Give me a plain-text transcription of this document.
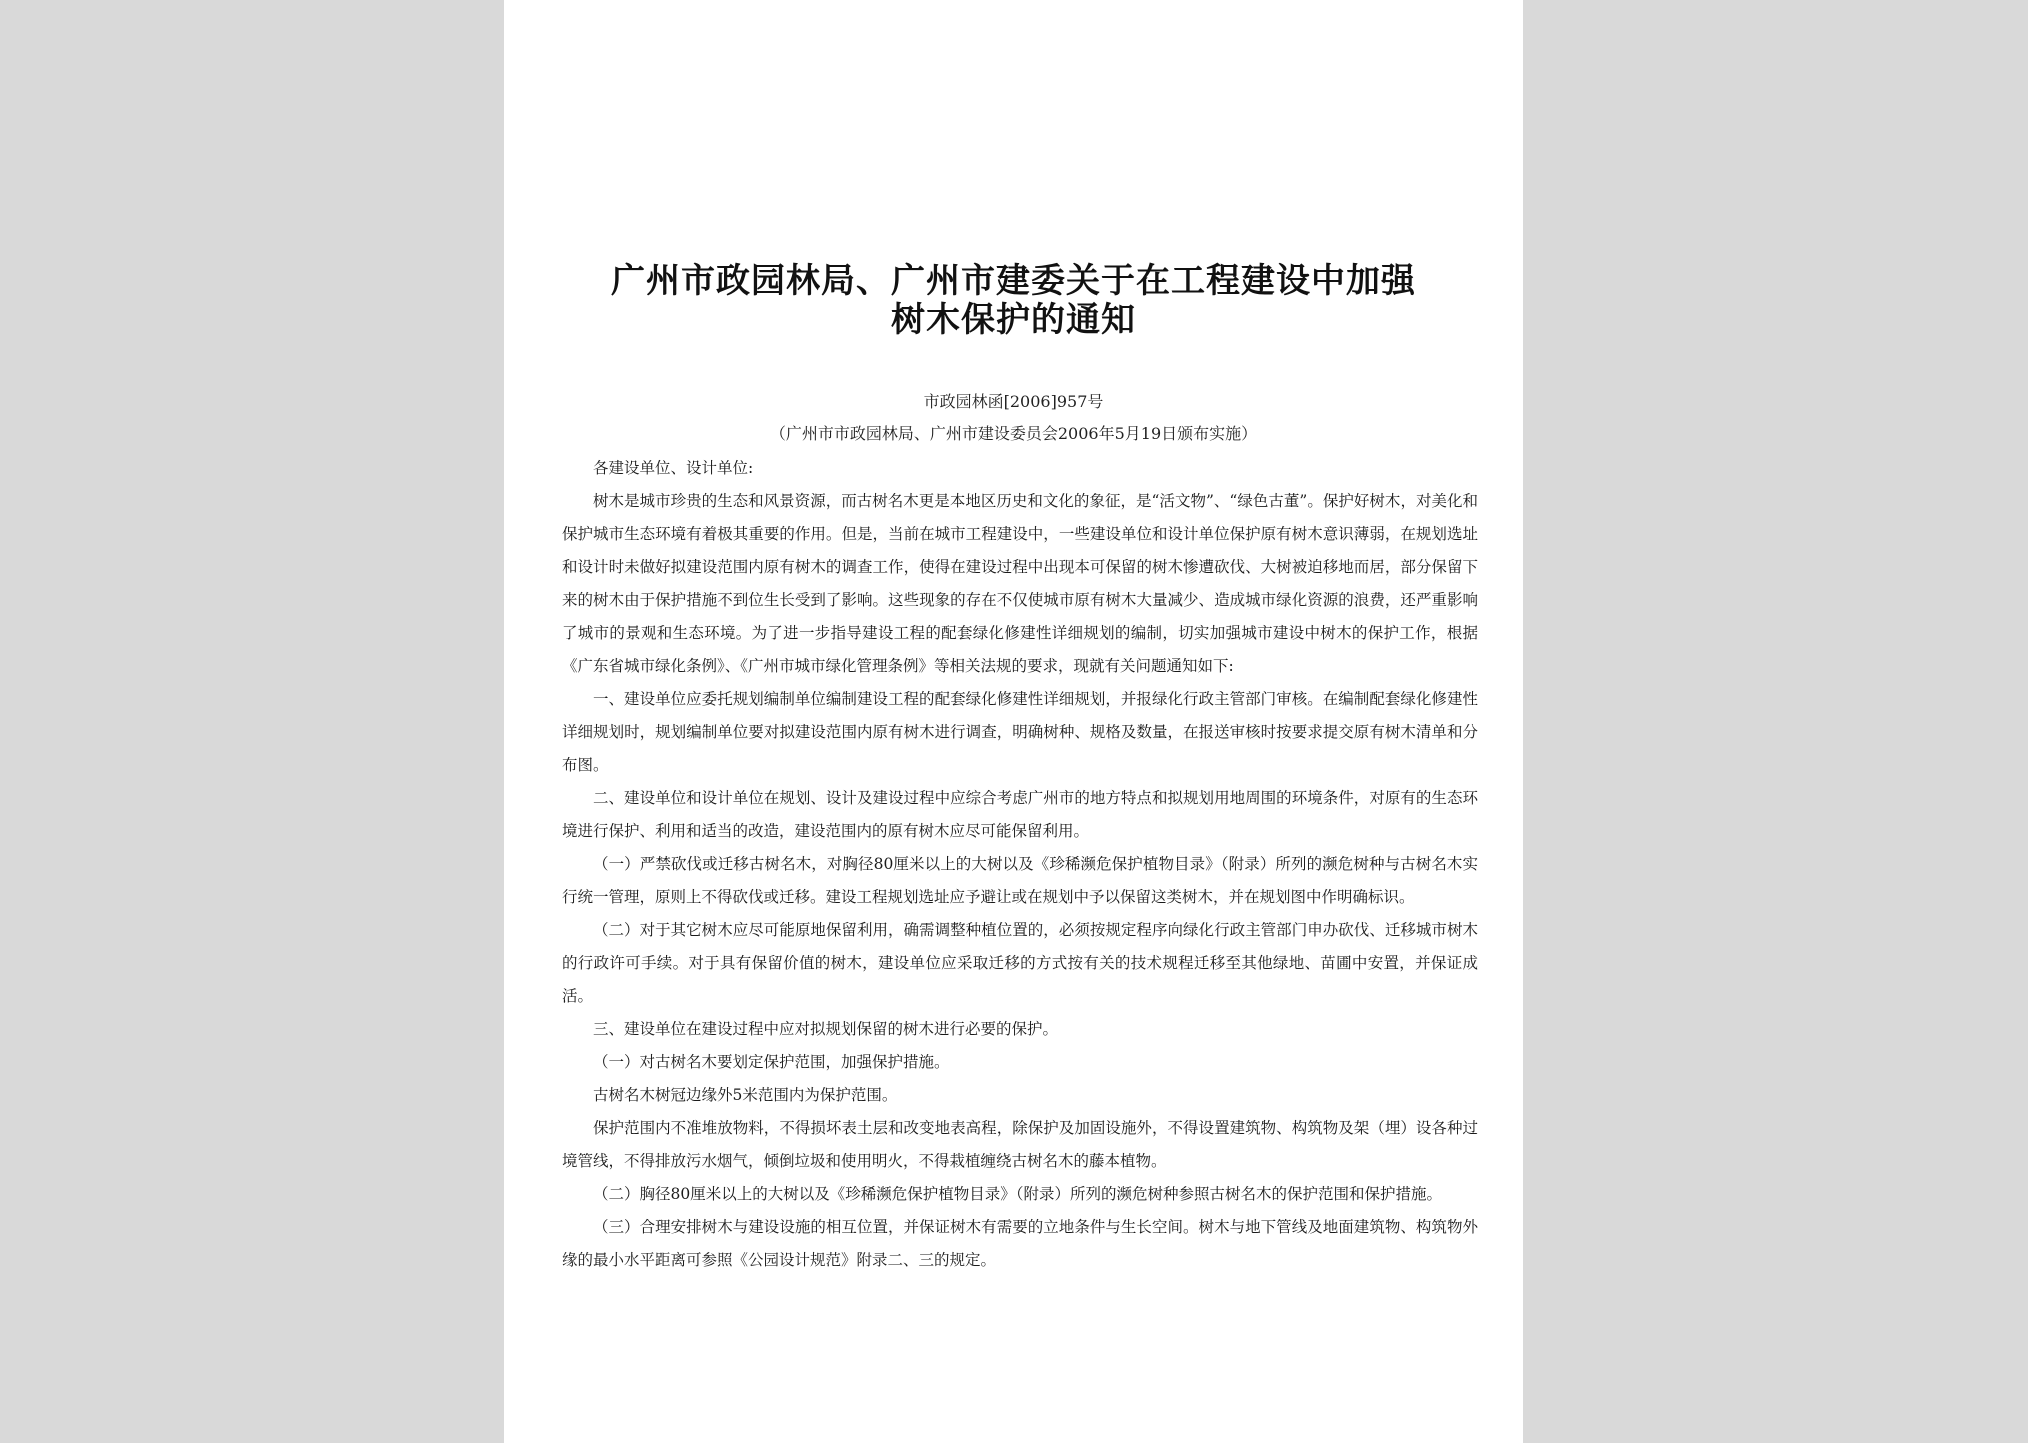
广州市政园林局、广州市建委关于在工程建设中加强
树木保护的通知
市政园林函[2006]957号
（广州市市政园林局、广州市建设委员会2006年5月19日颁布实施）

各建设单位、设计单位:

树木是城市珍贵的生态和风景资源，而古树名木更是本地区历史和文化的象征，是“活文物”、“绿色古董”。保护好树木，对美化和保护城市生态环境有着极其重要的作用。但是，当前在城市工程建设中，一些建设单位和设计单位保护原有树木意识薄弱，在规划选址和设计时未做好拟建设范围内原有树木的调查工作，使得在建设过程中出现本可保留的树木惨遭砍伐、大树被迫移地而居，部分保留下来的树木由于保护措施不到位生长受到了影响。这些现象的存在不仅使城市原有树木大量减少、造成城市绿化资源的浪费，还严重影响了城市的景观和生态环境。为了进一步指导建设工程的配套绿化修建性详细规划的编制，切实加强城市建设中树木的保护工作，根据《广东省城市绿化条例》、《广州市城市绿化管理条例》等相关法规的要求，现就有关问题通知如下:

一、建设单位应委托规划编制单位编制建设工程的配套绿化修建性详细规划，并报绿化行政主管部门审核。在编制配套绿化修建性详细规划时，规划编制单位要对拟建设范围内原有树木进行调查，明确树种、规格及数量，在报送审核时按要求提交原有树木清单和分布图。

二、建设单位和设计单位在规划、设计及建设过程中应综合考虑广州市的地方特点和拟规划用地周围的环境条件，对原有的生态环境进行保护、利用和适当的改造，建设范围内的原有树木应尽可能保留利用。

（一）严禁砍伐或迁移古树名木，对胸径80厘米以上的大树以及《珍稀濒危保护植物目录》（附录）所列的濒危树种与古树名木实行统一管理，原则上不得砍伐或迁移。建设工程规划选址应予避让或在规划中予以保留这类树木，并在规划图中作明确标识。

（二）对于其它树木应尽可能原地保留利用，确需调整种植位置的，必须按规定程序向绿化行政主管部门申办砍伐、迁移城市树木的行政许可手续。对于具有保留价值的树木，建设单位应采取迁移的方式按有关的技术规程迁移至其他绿地、苗圃中安置，并保证成活。

三、建设单位在建设过程中应对拟规划保留的树木进行必要的保护。

（一）对古树名木要划定保护范围，加强保护措施。

古树名木树冠边缘外5米范围内为保护范围。

保护范围内不准堆放物料，不得损坏表土层和改变地表高程，除保护及加固设施外，不得设置建筑物、构筑物及架（埋）设各种过境管线，不得排放污水烟气，倾倒垃圾和使用明火，不得栽植缠绕古树名木的藤本植物。

（二）胸径80厘米以上的大树以及《珍稀濒危保护植物目录》（附录）所列的濒危树种参照古树名木的保护范围和保护措施。

（三）合理安排树木与建设设施的相互位置，并保证树木有需要的立地条件与生长空间。树木与地下管线及地面建筑物、构筑物外缘的最小水平距离可参照《公园设计规范》附录二、三的规定。
